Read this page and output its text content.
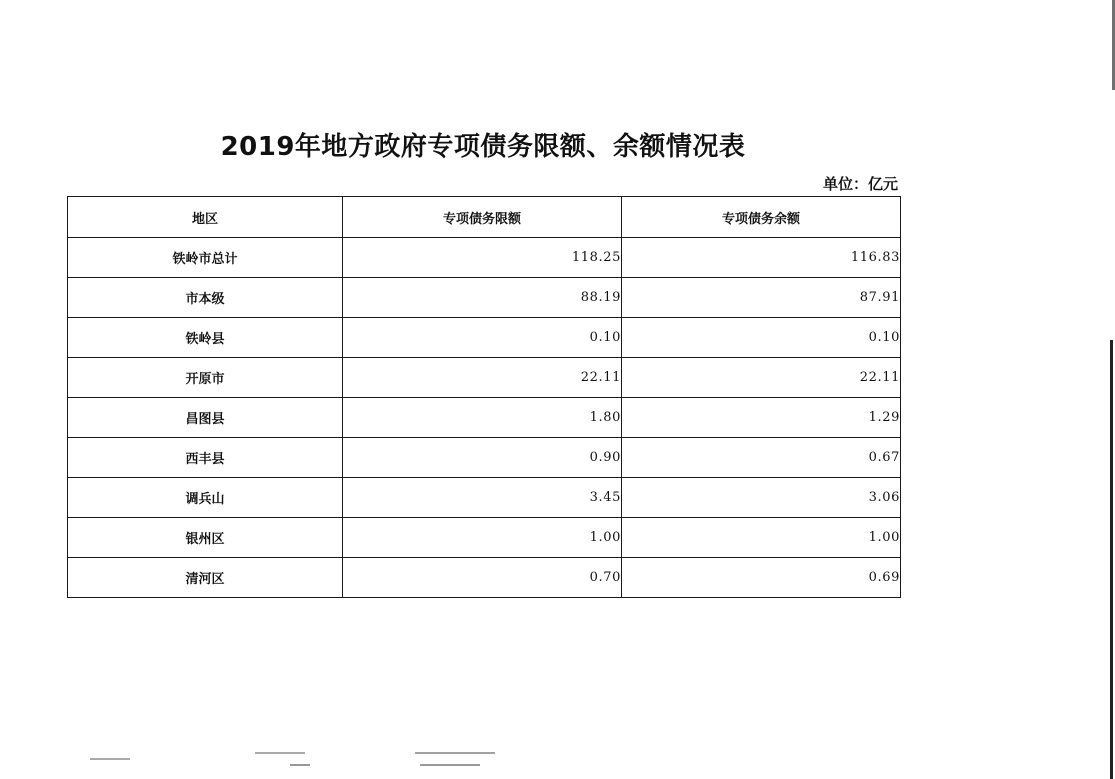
2019年地方政府专项债务限额、余额情况表
单位：亿元
地区	专项债务限额	专项债务余额
铁岭市总计	118.25	116.83
市本级	88.19	87.91
铁岭县	0.10	0.10
开原市	22.11	22.11
昌图县	1.80	1.29
西丰县	0.90	0.67
调兵山	3.45	3.06
银州区	1.00	1.00
清河区	0.70	0.69
